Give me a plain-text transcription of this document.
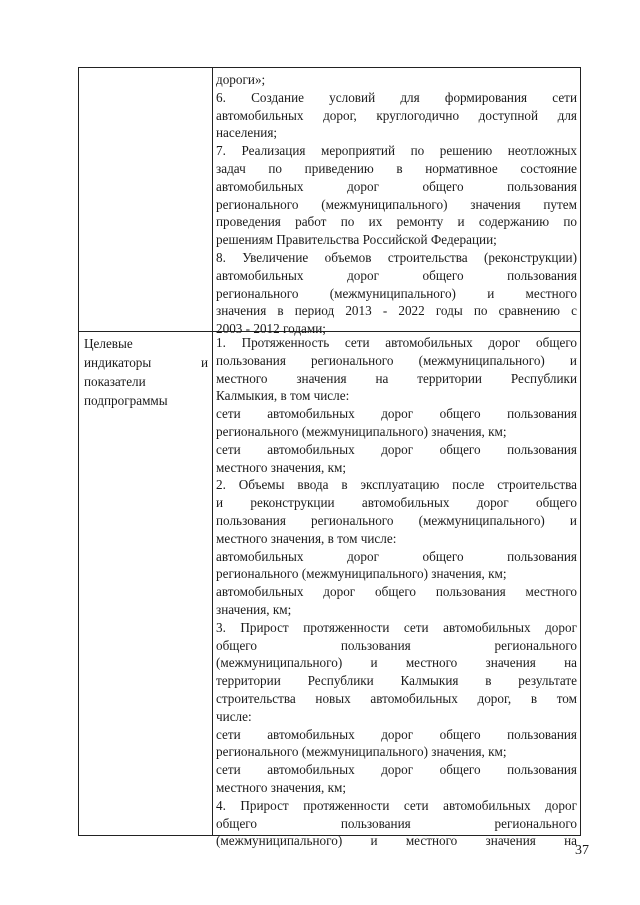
Целевые
индикаторы и
показатели
подпрограммы
дороги»;
6. Создание условий для формирования сети
автомобильных дорог, круглогодично доступной для
населения;
7. Реализация мероприятий по решению неотложных
задач по приведению в нормативное состояние
автомобильных дорог общего пользования
регионального (межмуниципального) значения путем
проведения работ по их ремонту и содержанию по
решениям Правительства Российской Федерации;
8. Увеличение объемов строительства (реконструкции)
автомобильных дорог общего пользования
регионального (межмуниципального) и местного
значения в период 2013 - 2022 годы по сравнению с
2003 - 2012 годами;
1. Протяженность сети автомобильных дорог общего
пользования регионального (межмуниципального) и
местного значения на территории Республики
Калмыкия, в том числе:
сети автомобильных дорог общего пользования
регионального (межмуниципального) значения, км;
сети автомобильных дорог общего пользования
местного значения, км;
2. Объемы ввода в эксплуатацию после строительства
и реконструкции автомобильных дорог общего
пользования регионального (межмуниципального) и
местного значения, в том числе:
автомобильных дорог общего пользования
регионального (межмуниципального) значения, км;
автомобильных дорог общего пользования местного
значения, км;
3. Прирост протяженности сети автомобильных дорог
общего пользования регионального
(межмуниципального) и местного значения на
территории Республики Калмыкия в результате
строительства новых автомобильных дорог, в том
числе:
сети автомобильных дорог общего пользования
регионального (межмуниципального) значения, км;
сети автомобильных дорог общего пользования
местного значения, км;
4. Прирост протяженности сети автомобильных дорог
общего пользования регионального
(межмуниципального) и местного значения на
37
